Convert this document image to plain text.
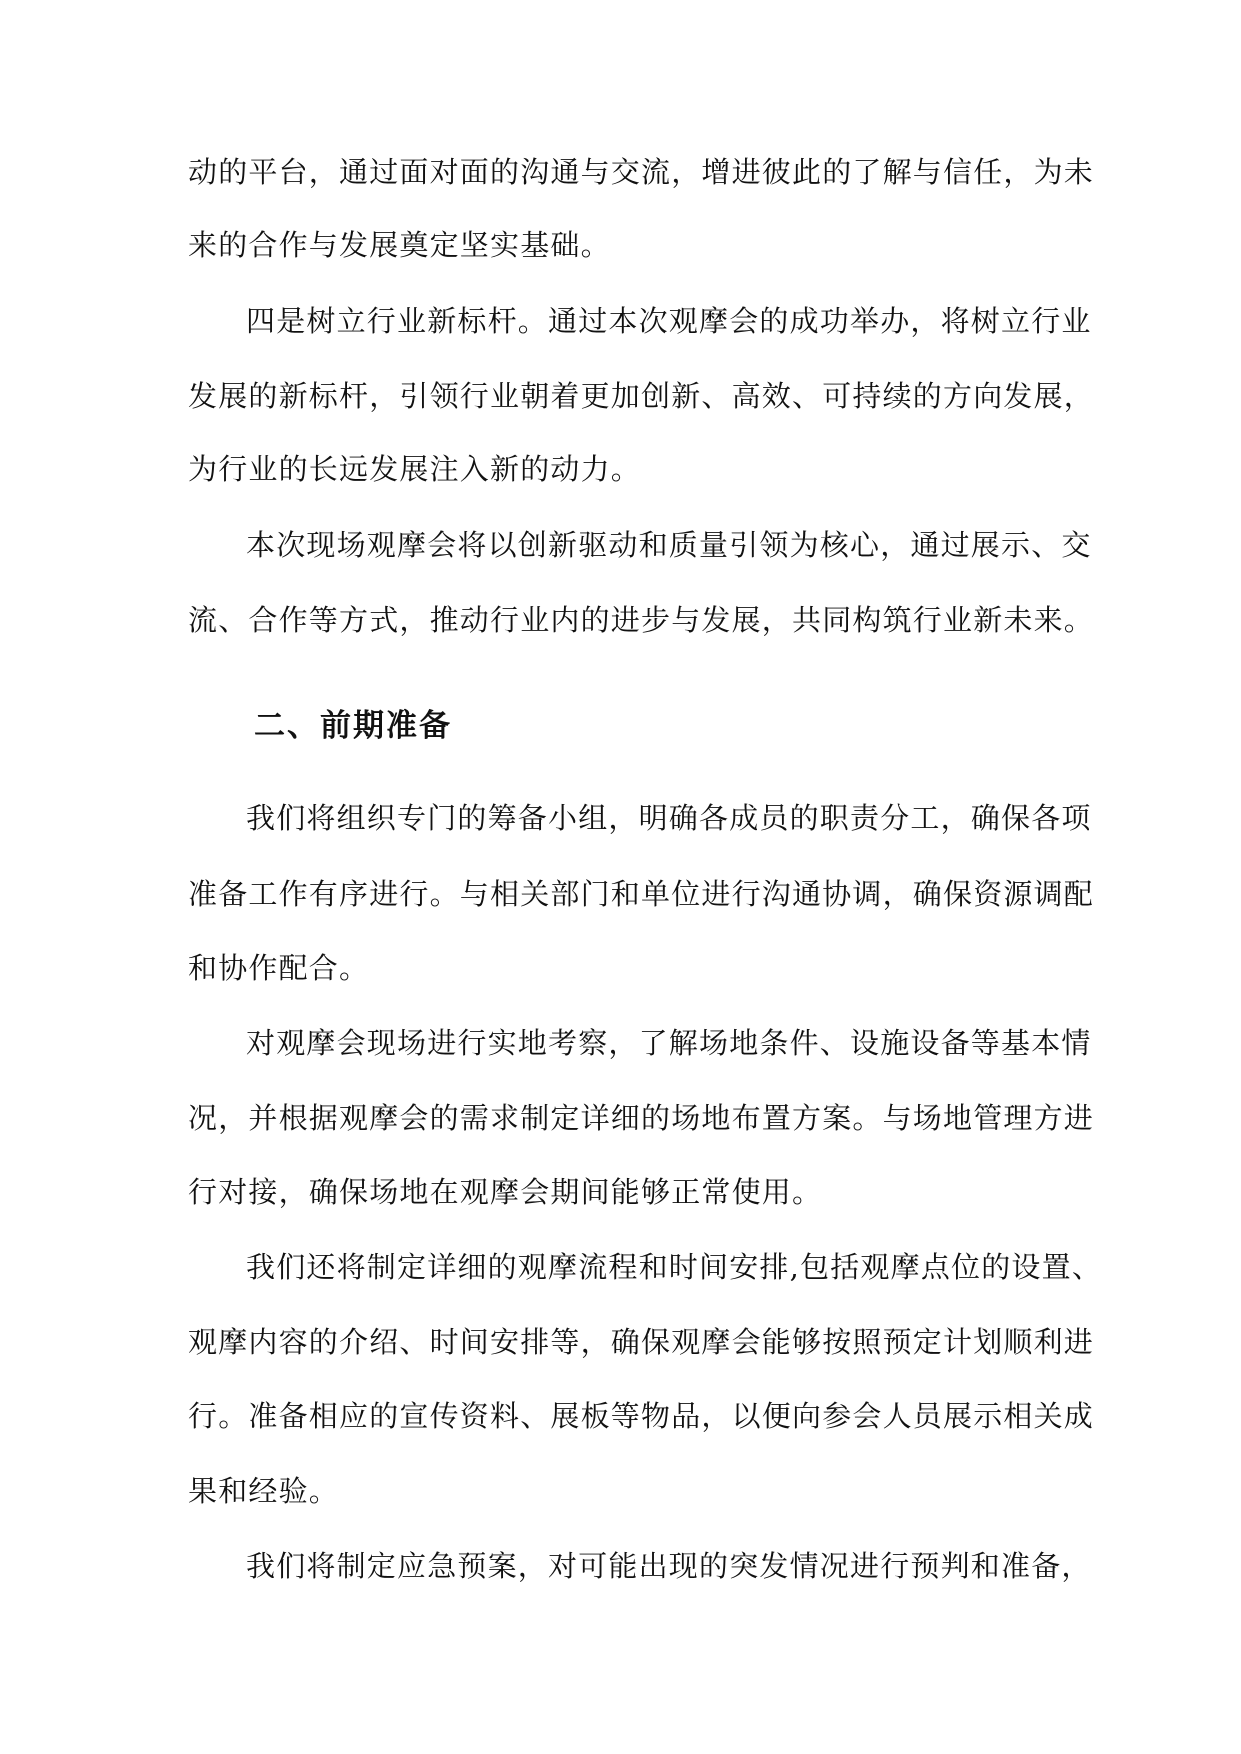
动的平台，通过面对面的沟通与交流，增进彼此的了解与信任，为未
来的合作与发展奠定坚实基础。
四是树立行业新标杆。通过本次观摩会的成功举办，将树立行业
发展的新标杆，引领行业朝着更加创新、高效、可持续的方向发展，
为行业的长远发展注入新的动力。
本次现场观摩会将以创新驱动和质量引领为核心，通过展示、交
流、合作等方式，推动行业内的进步与发展，共同构筑行业新未来。
二、前期准备
我们将组织专门的筹备小组，明确各成员的职责分工，确保各项
准备工作有序进行。与相关部门和单位进行沟通协调，确保资源调配
和协作配合。
对观摩会现场进行实地考察，了解场地条件、设施设备等基本情
况，并根据观摩会的需求制定详细的场地布置方案。与场地管理方进
行对接，确保场地在观摩会期间能够正常使用。
我们还将制定详细的观摩流程和时间安排,包括观摩点位的设置、
观摩内容的介绍、时间安排等，确保观摩会能够按照预定计划顺利进
行。准备相应的宣传资料、展板等物品，以便向参会人员展示相关成
果和经验。
我们将制定应急预案，对可能出现的突发情况进行预判和准备，
